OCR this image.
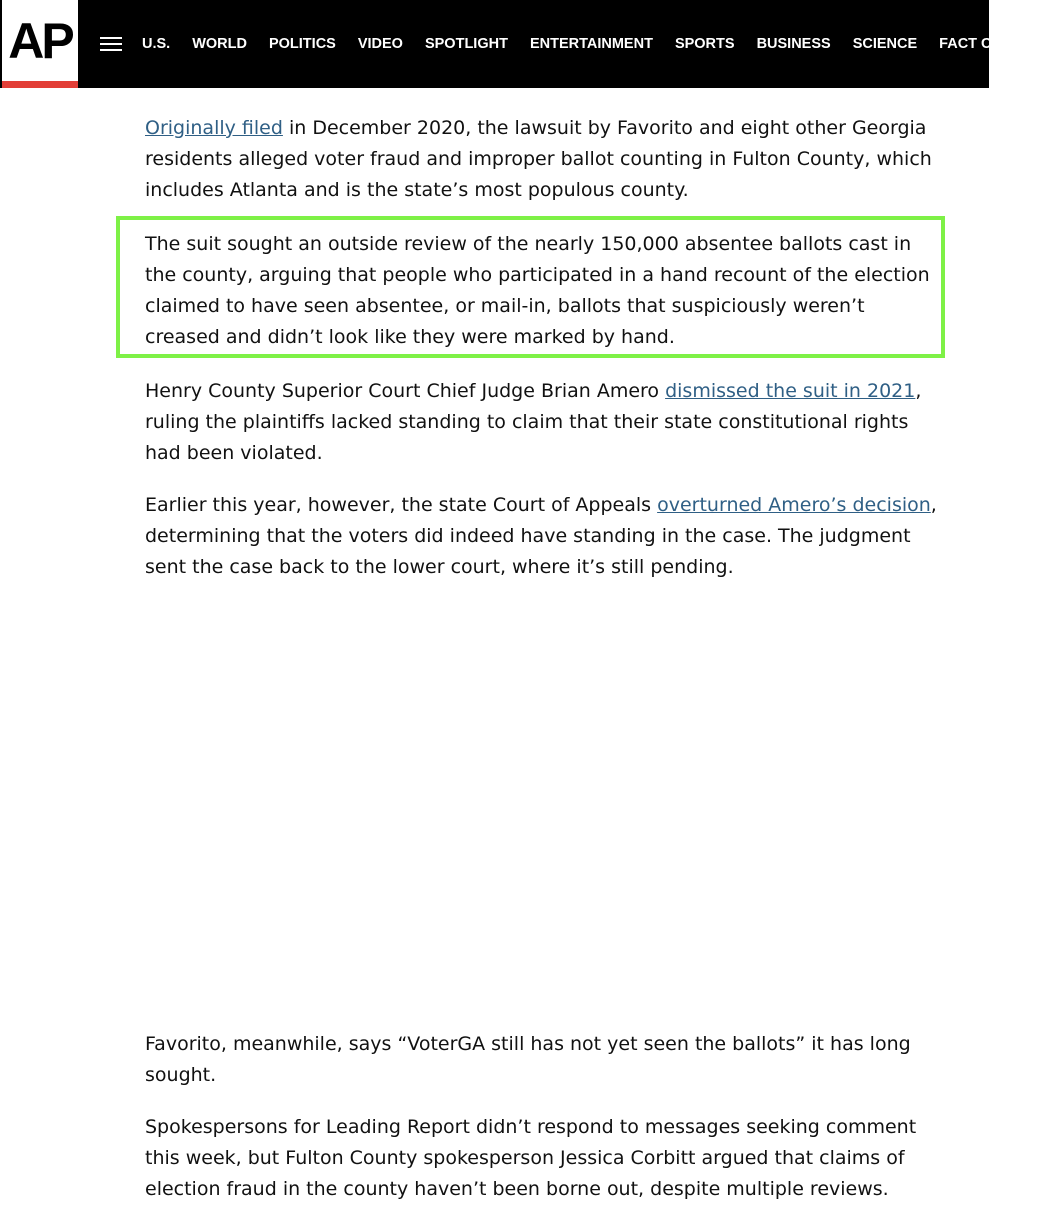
AP	U.S. WORLD POLITICS VIDEO SPOTLIGHT ENTERTAINMENT SPORTS BUSINESS SCIENCE FACT CHECK

Originally filed in December 2020, the lawsuit by Favorito and eight other Georgia residents alleged voter fraud and improper ballot counting in Fulton County, which includes Atlanta and is the state’s most populous county.

The suit sought an outside review of the nearly 150,000 absentee ballots cast in the county, arguing that people who participated in a hand recount of the election claimed to have seen absentee, or mail-in, ballots that suspiciously weren’t creased and didn’t look like they were marked by hand.

Henry County Superior Court Chief Judge Brian Amero dismissed the suit in 2021, ruling the plaintiffs lacked standing to claim that their state constitutional rights had been violated.

Earlier this year, however, the state Court of Appeals overturned Amero’s decision, determining that the voters did indeed have standing in the case. The judgment sent the case back to the lower court, where it’s still pending.

Favorito, meanwhile, says “VoterGA still has not yet seen the ballots” it has long sought.

Spokespersons for Leading Report didn’t respond to messages seeking comment this week, but Fulton County spokesperson Jessica Corbitt argued that claims of election fraud in the county haven’t been borne out, despite multiple reviews.
